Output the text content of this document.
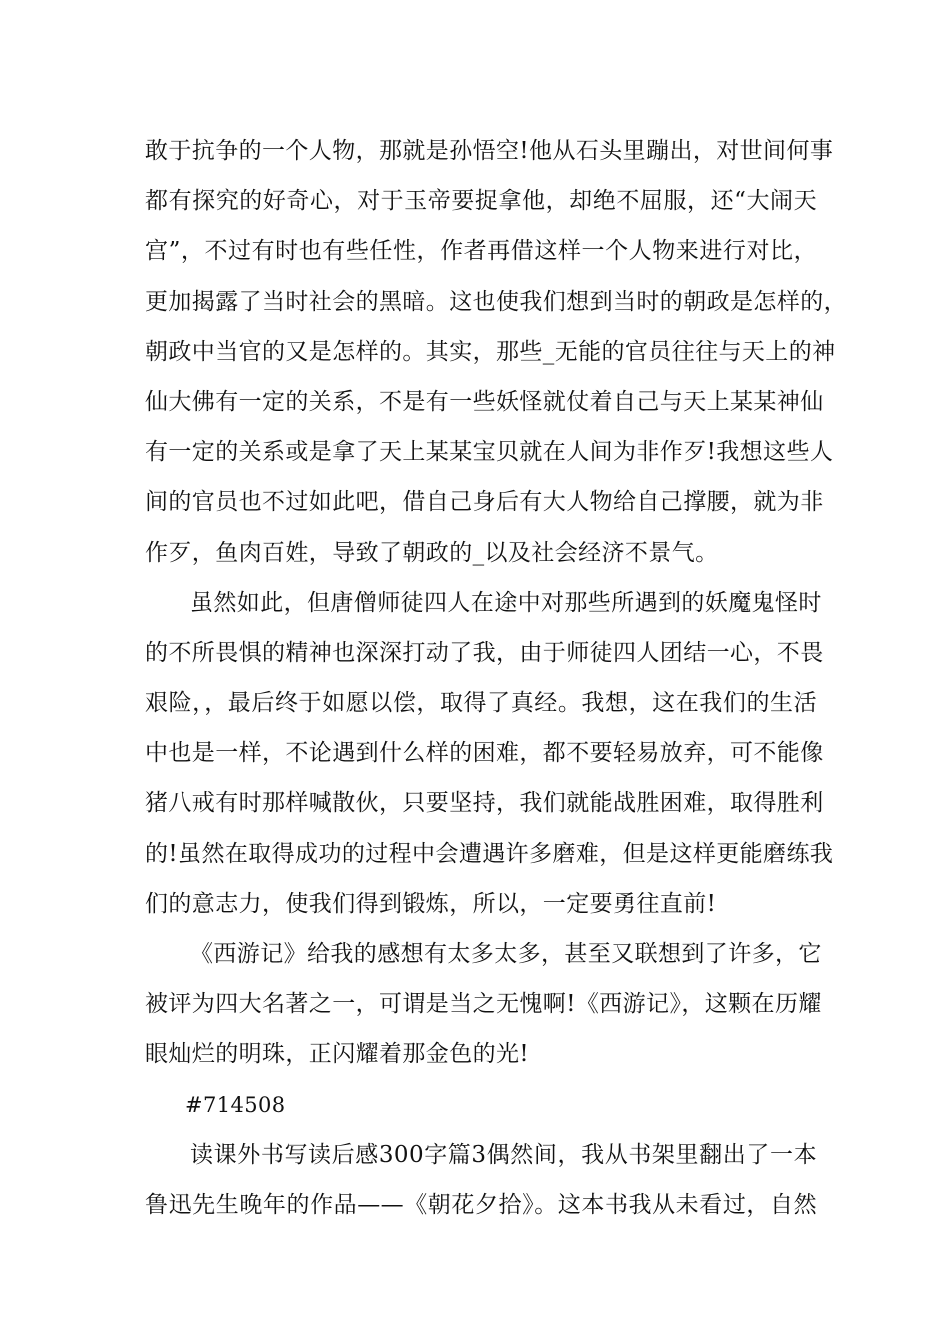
敢于抗争的一个人物，那就是孙悟空!他从石头里蹦出，对世间何事
都有探究的好奇心，对于玉帝要捉拿他，却绝不屈服，还“大闹天
宫”，不过有时也有些任性，作者再借这样一个人物来进行对比，
更加揭露了当时社会的黑暗。这也使我们想到当时的朝政是怎样的，
朝政中当官的又是怎样的。其实，那些_无能的官员往往与天上的神
仙大佛有一定的关系，不是有一些妖怪就仗着自己与天上某某神仙
有一定的关系或是拿了天上某某宝贝就在人间为非作歹!我想这些人
间的官员也不过如此吧，借自己身后有大人物给自己撑腰，就为非
作歹，鱼肉百姓，导致了朝政的_以及社会经济不景气。
虽然如此，但唐僧师徒四人在途中对那些所遇到的妖魔鬼怪时
的不所畏惧的精神也深深打动了我，由于师徒四人团结一心，不畏
艰险，，最后终于如愿以偿，取得了真经。我想，这在我们的生活
中也是一样，不论遇到什么样的困难，都不要轻易放弃，可不能像
猪八戒有时那样喊散伙，只要坚持，我们就能战胜困难，取得胜利
的!虽然在取得成功的过程中会遭遇许多磨难，但是这样更能磨练我
们的意志力，使我们得到锻炼，所以，一定要勇往直前!
《西游记》给我的感想有太多太多，甚至又联想到了许多，它
被评为四大名著之一，可谓是当之无愧啊!《西游记》，这颗在历耀
眼灿烂的明珠，正闪耀着那金色的光!
#714508
读课外书写读后感300字篇3偶然间，我从书架里翻出了一本
鲁迅先生晚年的作品——《朝花夕拾》。这本书我从未看过，自然
